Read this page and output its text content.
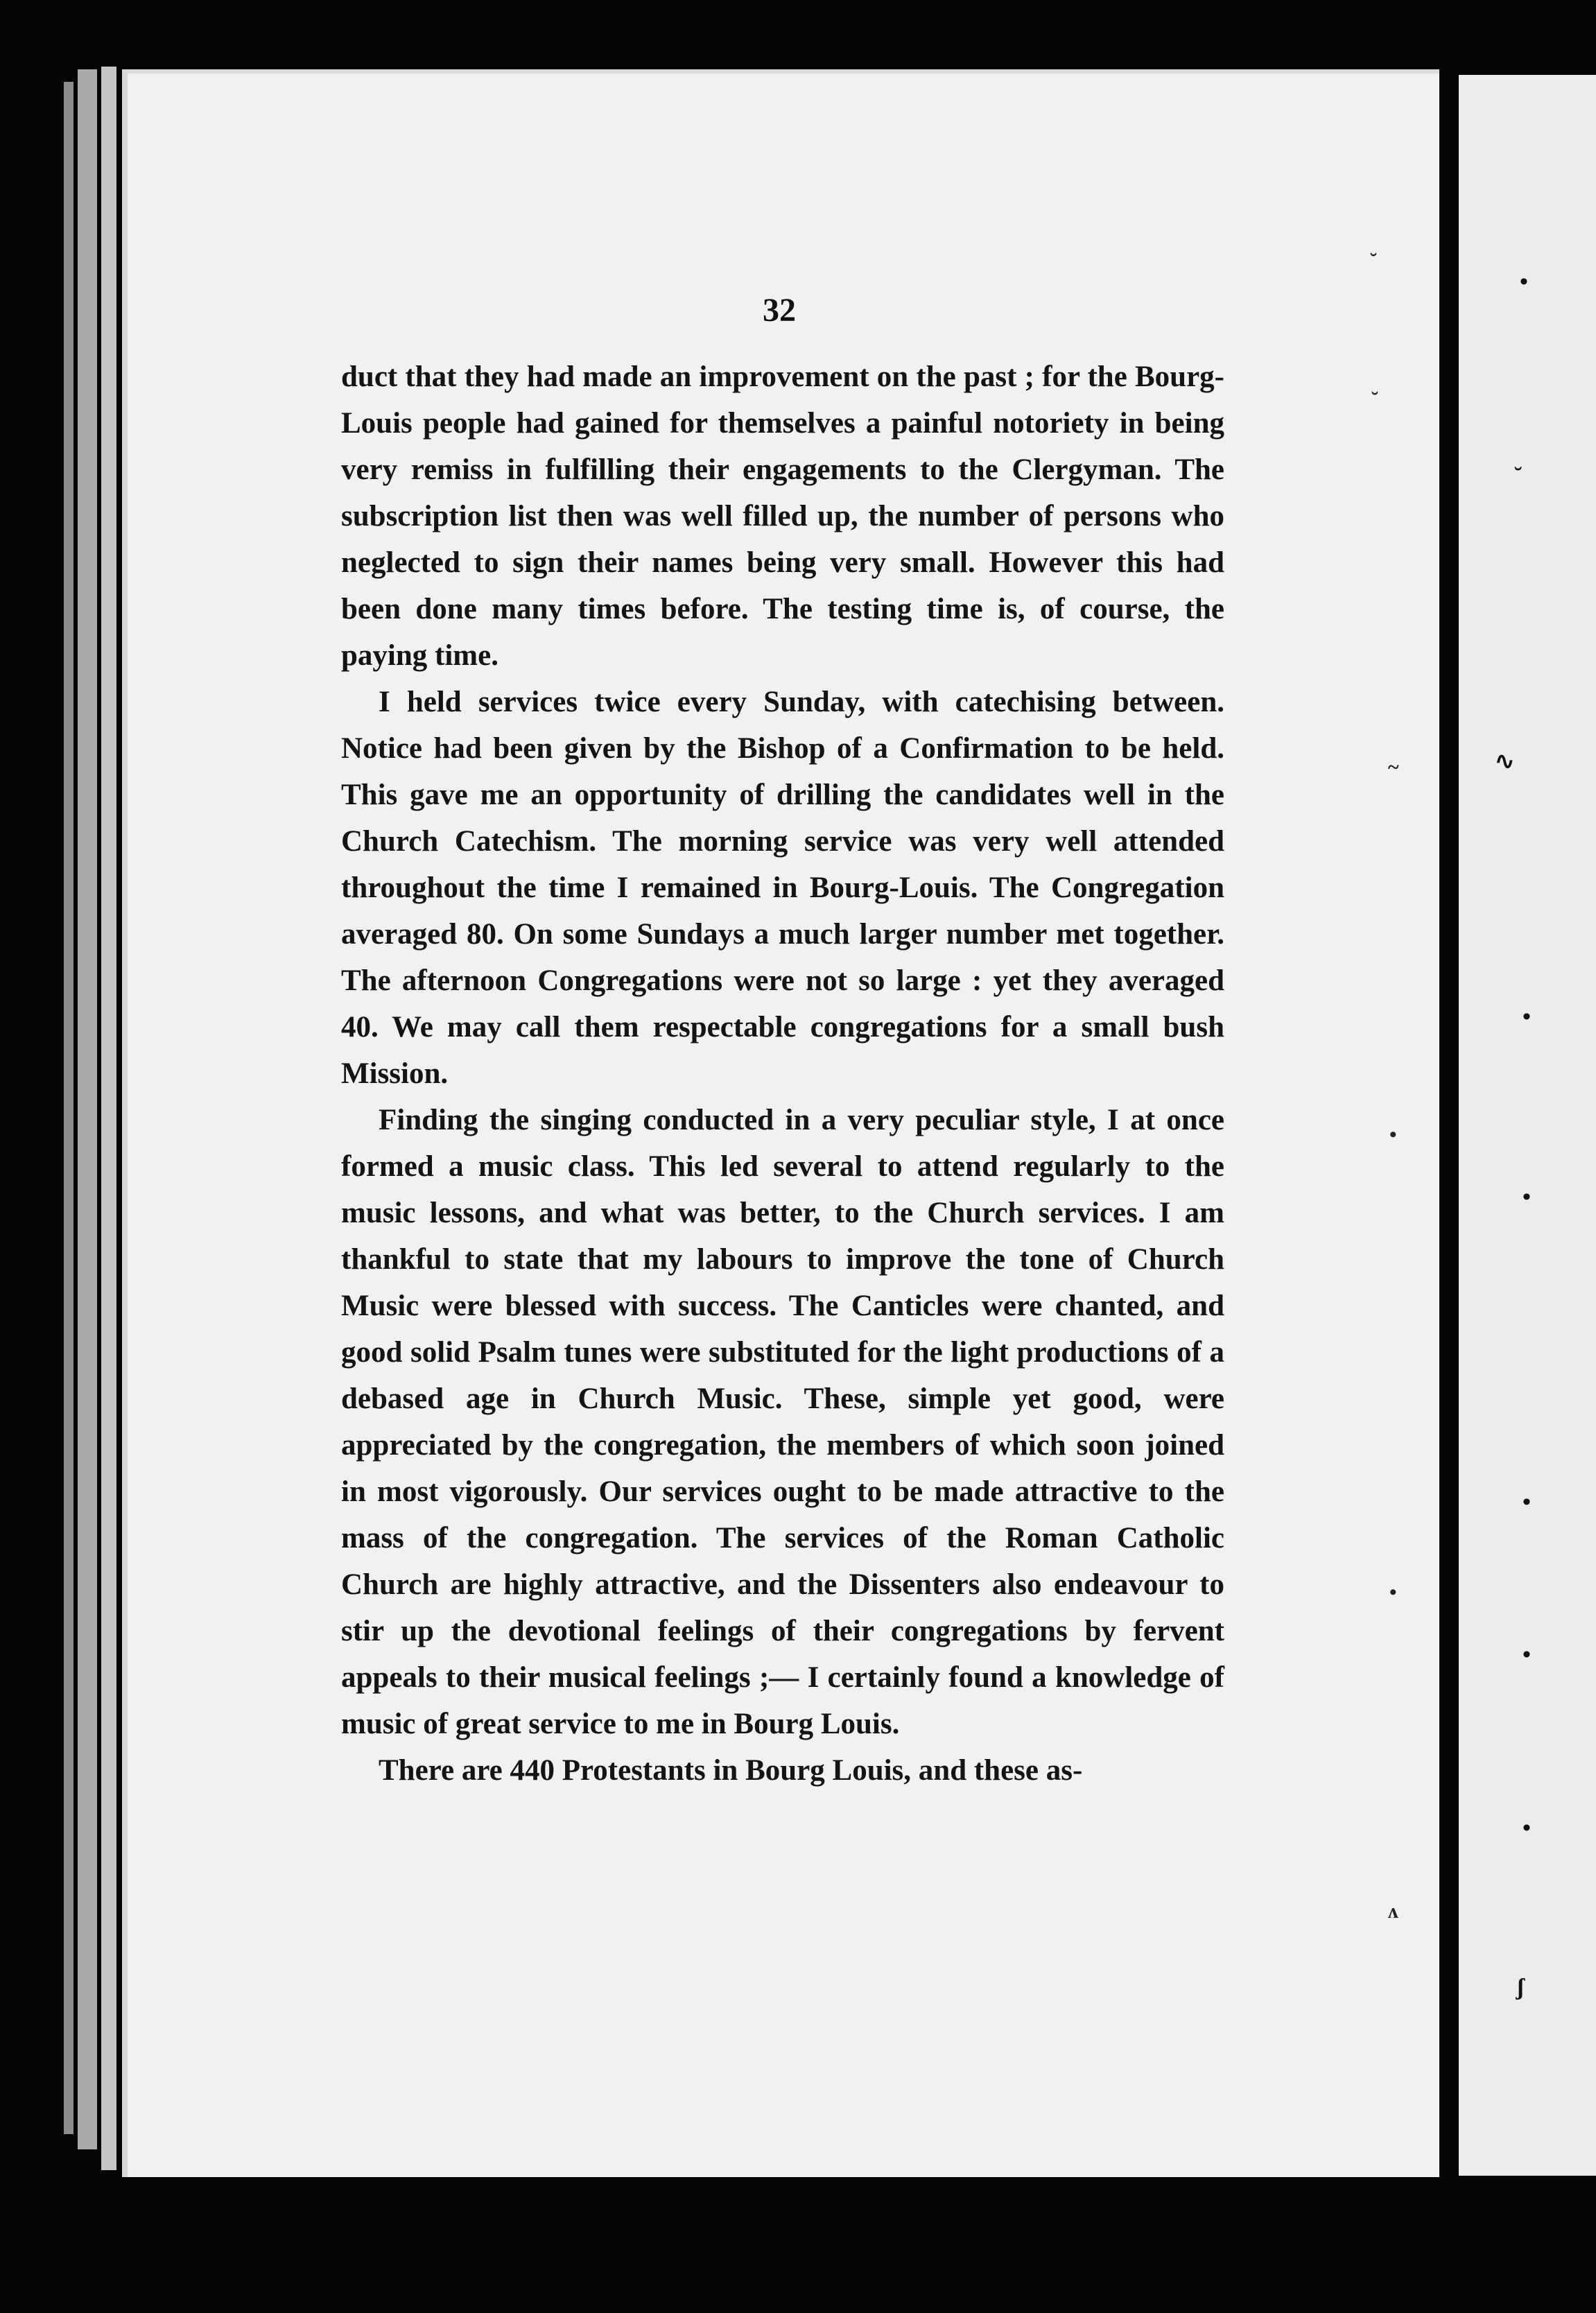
•
˘
∿
•
•
•
•
•
ʃ
˘
˘
~
•
•
ʌ
32

duct that they had made an improvement on the past ; for the Bourg-Louis people had gained for themselves a painful notoriety in being very remiss in fulfilling their engagements to the Clergyman. The subscription list then was well filled up, the number of persons who neglected to sign their names being very small. However this had been done many times before. The testing time is, of course, the paying time.

I held services twice every Sunday, with catechising between. Notice had been given by the Bishop of a Confirmation to be held. This gave me an opportunity of drilling the candidates well in the Church Catechism. The morning service was very well attended throughout the time I remained in Bourg-Louis. The Congregation averaged 80. On some Sundays a much larger number met together. The afternoon Congregations were not so large : yet they averaged 40. We may call them respectable congregations for a small bush Mission.

Finding the singing conducted in a very peculiar style, I at once formed a music class. This led several to attend regularly to the music lessons, and what was better, to the Church services. I am thankful to state that my labours to improve the tone of Church Music were blessed with success. The Canticles were chanted, and good solid Psalm tunes were substituted for the light productions of a debased age in Church Music. These, simple yet good, were appreciated by the congregation, the members of which soon joined in most vigorously. Our services ought to be made attractive to the mass of the congregation. The services of the Roman Catholic Church are highly attractive, and the Dissenters also endeavour to stir up the devotional feelings of their congregations by fervent appeals to their musical feelings ;— I certainly found a knowledge of music of great service to me in Bourg Louis.

There are 440 Protestants in Bourg Louis, and these as-
